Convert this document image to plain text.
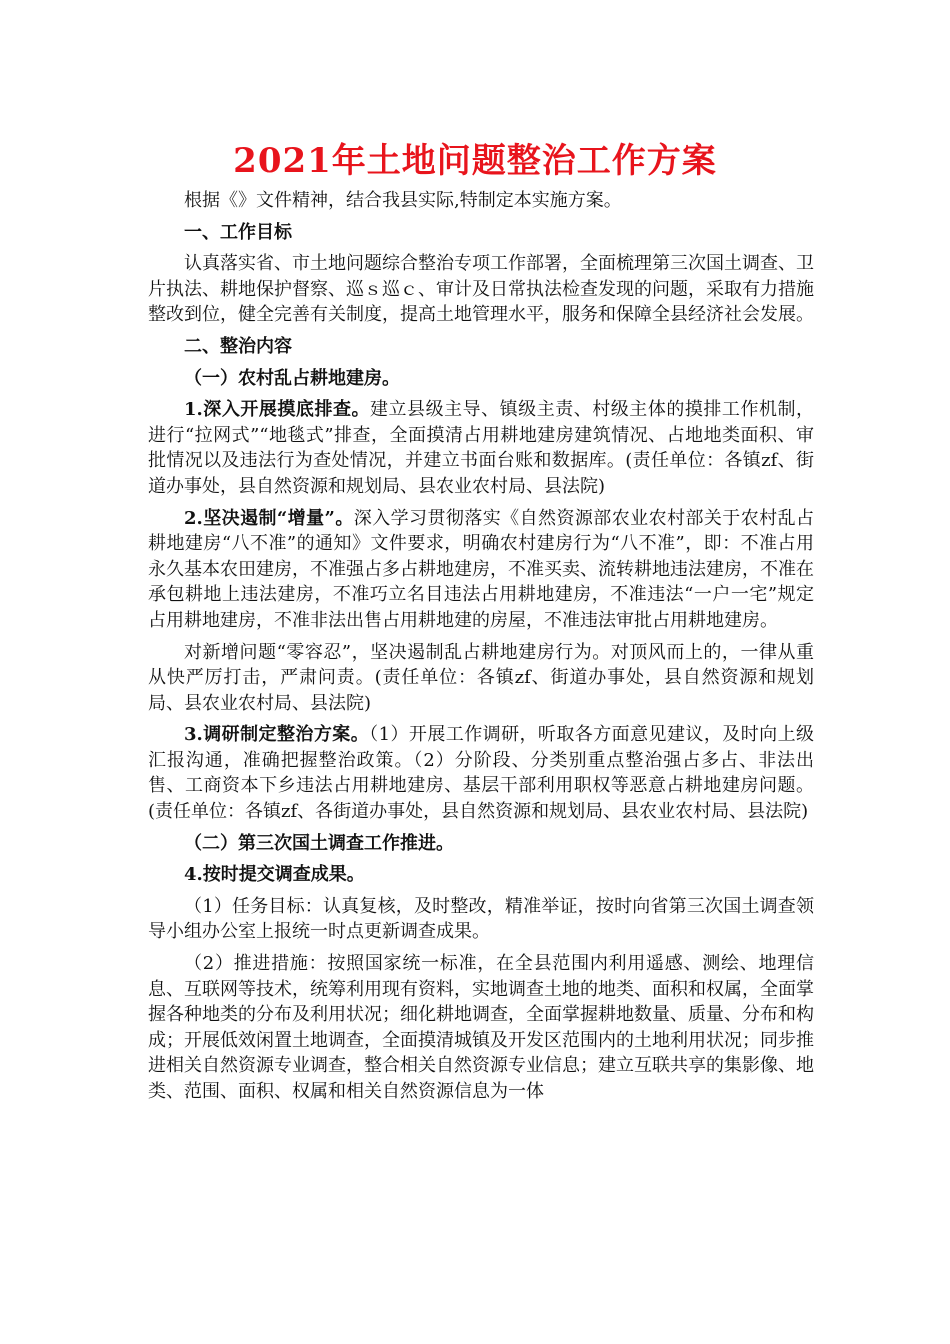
2021年土地问题整治工作方案

根据《》文件精神，结合我县实际,特制定本实施方案。

一、工作目标

认真落实省、市土地问题综合整治专项工作部署，全面梳理第三次国土调查、卫片执法、耕地保护督察、巡ｓ巡ｃ、审计及日常执法检查发现的问题，采取有力措施整改到位，健全完善有关制度，提高土地管理水平，服务和保障全县经济社会发展。

二、整治内容

（一）农村乱占耕地建房。

1.深入开展摸底排查。建立县级主导、镇级主责、村级主体的摸排工作机制，进行“拉网式”“地毯式”排查，全面摸清占用耕地建房建筑情况、占地地类面积、审批情况以及违法行为查处情况，并建立书面台账和数据库。(责任单位：各镇zf、街道办事处，县自然资源和规划局、县农业农村局、县法院)

2.坚决遏制“增量”。深入学习贯彻落实《自然资源部农业农村部关于农村乱占耕地建房“八不准”的通知》文件要求，明确农村建房行为“八不准”，即：不准占用永久基本农田建房，不准强占多占耕地建房，不准买卖、流转耕地违法建房，不准在承包耕地上违法建房，不准巧立名目违法占用耕地建房，不准违法“一户一宅”规定占用耕地建房，不准非法出售占用耕地建的房屋，不准违法审批占用耕地建房。

对新增问题“零容忍”，坚决遏制乱占耕地建房行为。对顶风而上的，一律从重从快严厉打击，严肃问责。(责任单位：各镇zf、街道办事处，县自然资源和规划局、县农业农村局、县法院)

3.调研制定整治方案。（1）开展工作调研，听取各方面意见建议，及时向上级汇报沟通，准确把握整治政策。（2）分阶段、分类别重点整治强占多占、非法出售、工商资本下乡违法占用耕地建房、基层干部利用职权等恶意占耕地建房问题。(责任单位：各镇zf、各街道办事处，县自然资源和规划局、县农业农村局、县法院)

（二）第三次国土调查工作推进。

4.按时提交调查成果。

（1）任务目标：认真复核，及时整改，精准举证，按时向省第三次国土调查领导小组办公室上报统一时点更新调查成果。

（2）推进措施：按照国家统一标准，在全县范围内利用遥感、测绘、地理信息、互联网等技术，统筹利用现有资料，实地调查土地的地类、面积和权属，全面掌握各种地类的分布及利用状况；细化耕地调查，全面掌握耕地数量、质量、分布和构成；开展低效闲置土地调查，全面摸清城镇及开发区范围内的土地利用状况；同步推进相关自然资源专业调查，整合相关自然资源专业信息；建立互联共享的集影像、地类、范围、面积、权属和相关自然资源信息为一体
